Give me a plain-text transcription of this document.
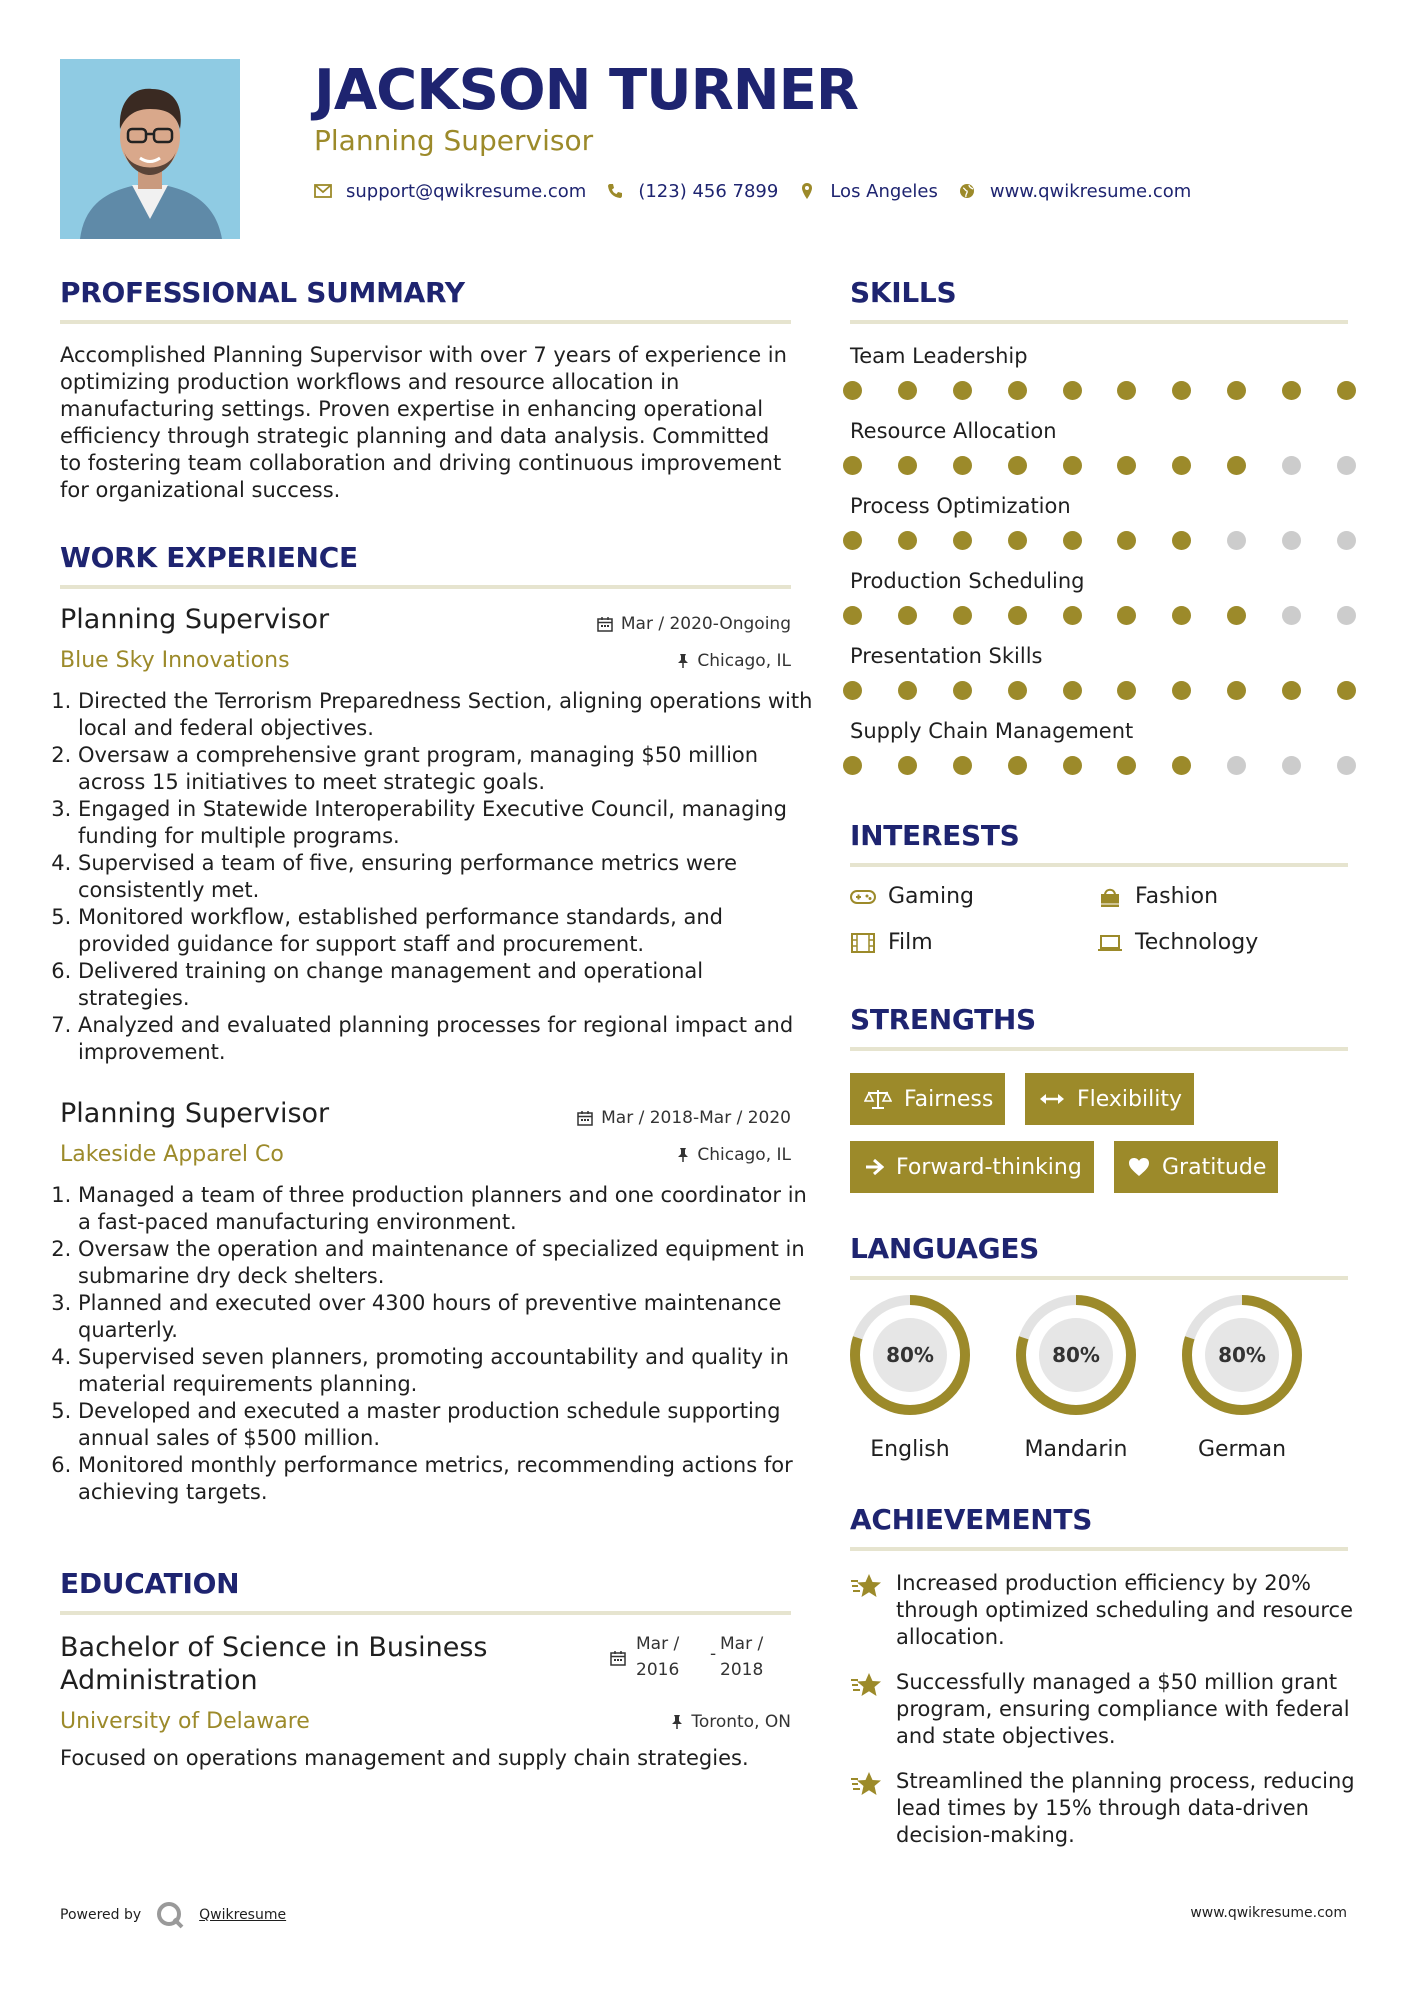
JACKSON TURNER
Planning Supervisor
support@qwikresume.com	(123) 456 7899	Los Angeles	www.qwikresume.com
PROFESSIONAL SUMMARY
Accomplished Planning Supervisor with over 7 years of experience in optimizing production workflows and resource allocation in manufacturing settings. Proven expertise in enhancing operational efficiency through strategic planning and data analysis. Committed to fostering team collaboration and driving continuous improvement for organizational success.
WORK EXPERIENCE
Planning Supervisor	Mar / 2020-Ongoing
Blue Sky Innovations	Chicago, IL
1. Directed the Terrorism Preparedness Section, aligning operations with local and federal objectives.
2. Oversaw a comprehensive grant program, managing $50 million across 15 initiatives to meet strategic goals.
3. Engaged in Statewide Interoperability Executive Council, managing funding for multiple programs.
4. Supervised a team of five, ensuring performance metrics were consistently met.
5. Monitored workflow, established performance standards, and provided guidance for support staff and procurement.
6. Delivered training on change management and operational strategies.
7. Analyzed and evaluated planning processes for regional impact and improvement.
Planning Supervisor	Mar / 2018-Mar / 2020
Lakeside Apparel Co	Chicago, IL
1. Managed a team of three production planners and one coordinator in a fast-paced manufacturing environment.
2. Oversaw the operation and maintenance of specialized equipment in submarine dry deck shelters.
3. Planned and executed over 4300 hours of preventive maintenance quarterly.
4. Supervised seven planners, promoting accountability and quality in material requirements planning.
5. Developed and executed a master production schedule supporting annual sales of $500 million.
6. Monitored monthly performance metrics, recommending actions for achieving targets.
EDUCATION
Bachelor of Science in Business
Administration
Mar /
2016
- Mar /
2018
University of Delaware	Toronto, ON
Focused on operations management and supply chain strategies.
SKILLS
Team Leadership
Resource Allocation
Process Optimization
Production Scheduling
Presentation Skills
Supply Chain Management
INTERESTS
Gaming	Fashion
Film	Technology
STRENGTHS
Fairness	Flexibility
Forward-thinking	Gratitude
LANGUAGES
80%
English
80%
Mandarin
80%
German
ACHIEVEMENTS
Increased production efficiency by 20% through optimized scheduling and resource allocation.
Successfully managed a $50 million grant program, ensuring compliance with federal and state objectives.
Streamlined the planning process, reducing lead times by 15% through data-driven decision-making.
Powered by	Qwikresume	www.qwikresume.com
